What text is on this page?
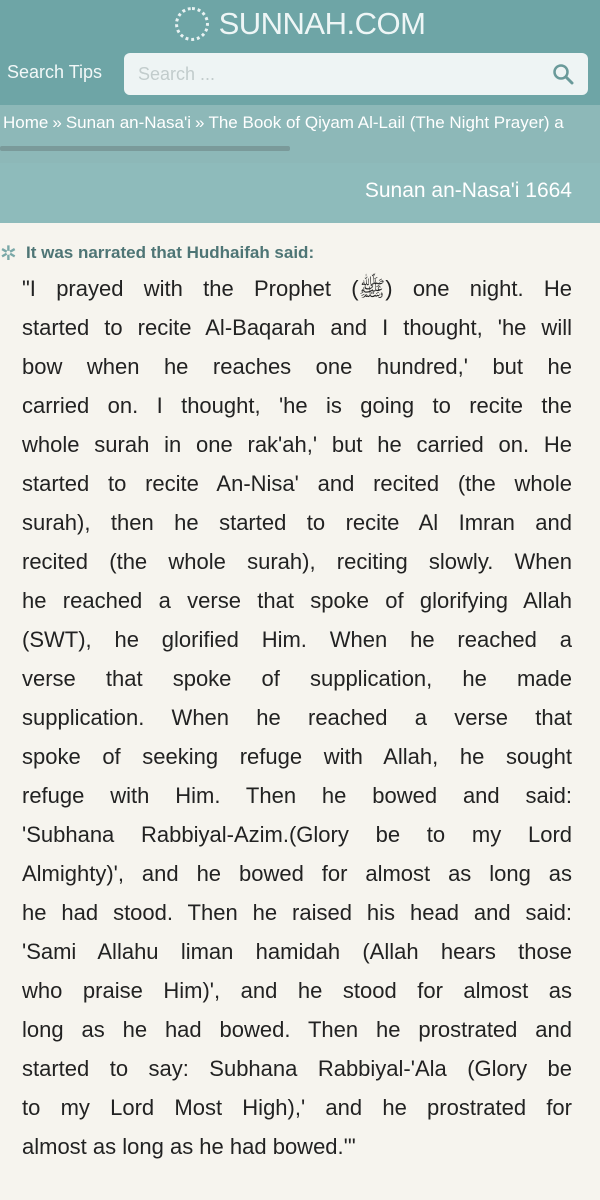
SUNNAH.COM
Search Tips
Search ...
Home » Sunan an-Nasa'i » The Book of Qiyam Al-Lail (The Night Prayer) a
Sunan an-Nasa'i 1664
✲ It was narrated that Hudhaifah said:
"I prayed with the Prophet (ﷺ) one night. He
started to recite Al-Baqarah and I thought, 'he will
bow when he reaches one hundred,' but he
carried on. I thought, 'he is going to recite the
whole surah in one rak'ah,' but he carried on. He
started to recite An-Nisa' and recited (the whole
surah), then he started to recite Al Imran and
recited (the whole surah), reciting slowly. When
he reached a verse that spoke of glorifying Allah
(SWT), he glorified Him. When he reached a
verse that spoke of supplication, he made
supplication. When he reached a verse that
spoke of seeking refuge with Allah, he sought
refuge with Him. Then he bowed and said:
'Subhana Rabbiyal-Azim.(Glory be to my Lord
Almighty)', and he bowed for almost as long as
he had stood. Then he raised his head and said:
'Sami Allahu liman hamidah (Allah hears those
who praise Him)', and he stood for almost as
long as he had bowed. Then he prostrated and
started to say: Subhana Rabbiyal-'Ala (Glory be
to my Lord Most High),' and he prostrated for
almost as long as he had bowed.'"
